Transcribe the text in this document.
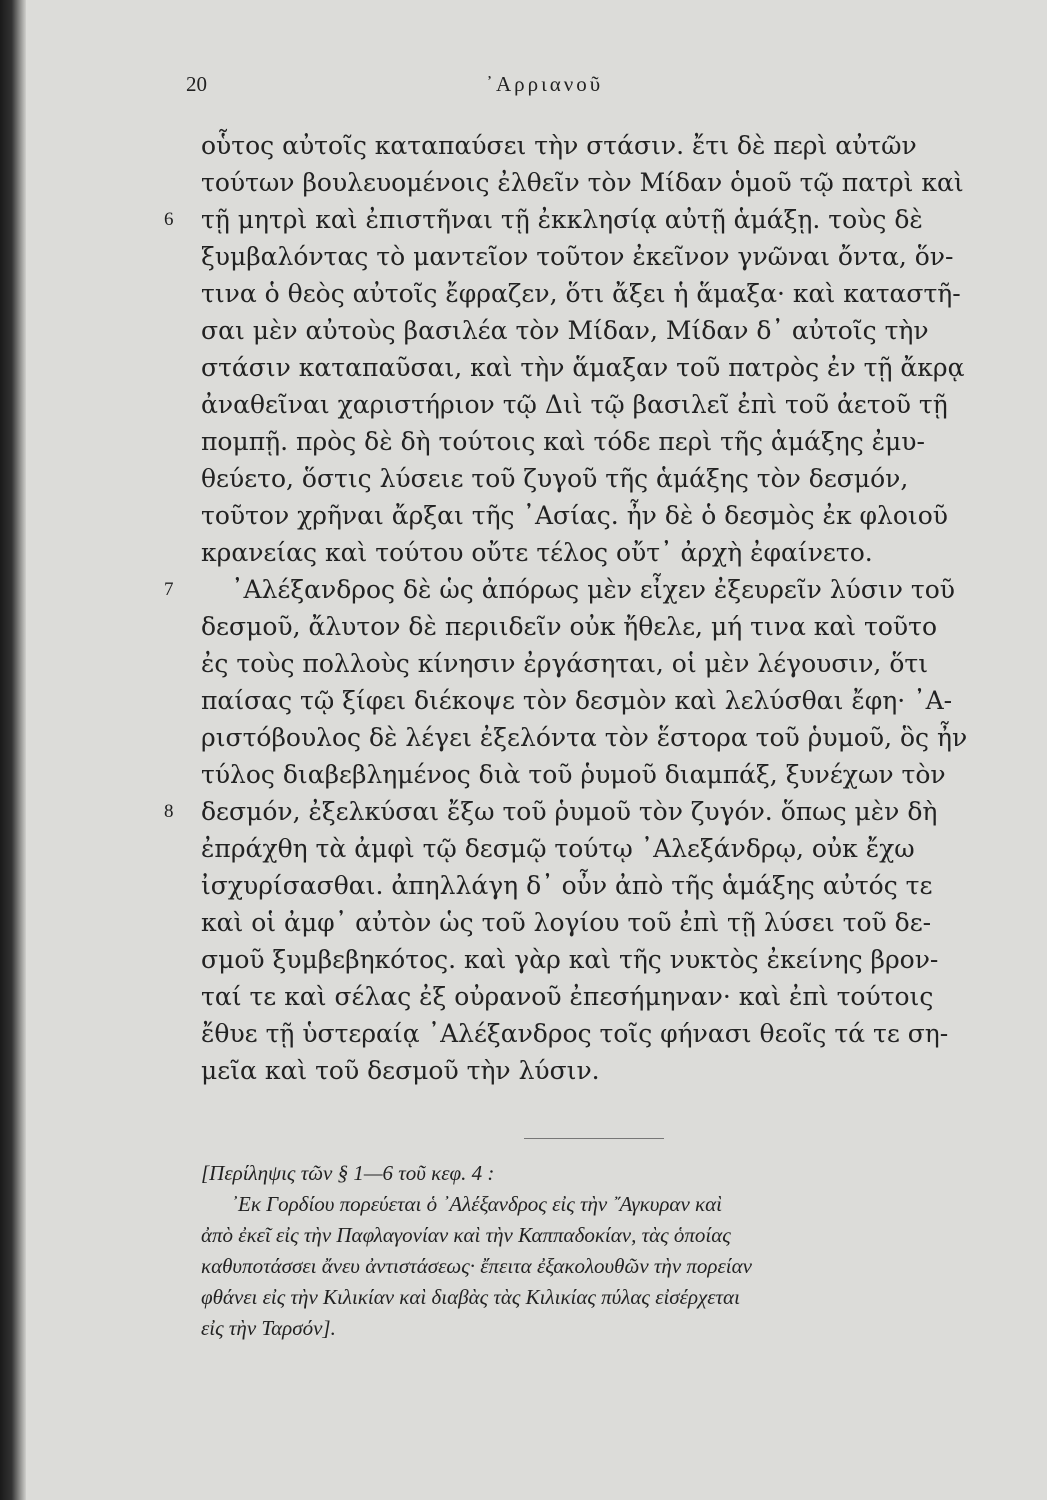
20	᾿Αρριανοῦ
οὗτος αὐτοῖς καταπαύσει τὴν στάσιν. ἔτι δὲ περὶ αὐτῶν
τούτων βουλευομένοις ἐλθεῖν τὸν Μίδαν ὁμοῦ τῷ πατρὶ καὶ
6 τῇ μητρὶ καὶ ἐπιστῆναι τῇ ἐκκλησίᾳ αὐτῇ ἁμάξῃ. τοὺς δὲ
ξυμβαλόντας τὸ μαντεῖον τοῦτον ἐκεῖνον γνῶναι ὄντα, ὅν-
τινα ὁ θεὸς αὐτοῖς ἔφραζεν, ὅτι ἄξει ἡ ἅμαξα· καὶ καταστῆ-
σαι μὲν αὐτοὺς βασιλέα τὸν Μίδαν, Μίδαν δ᾿ αὐτοῖς τὴν
στάσιν καταπαῦσαι, καὶ τὴν ἅμαξαν τοῦ πατρὸς ἐν τῇ ἄκρᾳ
ἀναθεῖναι χαριστήριον τῷ Διὶ τῷ βασιλεῖ ἐπὶ τοῦ ἀετοῦ τῇ
πομπῇ. πρὸς δὲ δὴ τούτοις καὶ τόδε περὶ τῆς ἁμάξης ἐμυ-
θεύετο, ὅστις λύσειε τοῦ ζυγοῦ τῆς ἁμάξης τὸν δεσμόν,
τοῦτον χρῆναι ἄρξαι τῆς ᾿Ασίας. ἦν δὲ ὁ δεσμὸς ἐκ φλοιοῦ
κρανείας καὶ τούτου οὔτε τέλος οὔτ᾿ ἀρχὴ ἐφαίνετο.
7 ᾿Αλέξανδρος δὲ ὡς ἀπόρως μὲν εἶχεν ἐξευρεῖν λύσιν τοῦ
δεσμοῦ, ἄλυτον δὲ περιιδεῖν οὐκ ἤθελε, μή τινα καὶ τοῦτο
ἐς τοὺς πολλοὺς κίνησιν ἐργάσηται, οἱ μὲν λέγουσιν, ὅτι
παίσας τῷ ξίφει διέκοψε τὸν δεσμὸν καὶ λελύσθαι ἔφη· ᾿Α-
ριστόβουλος δὲ λέγει ἐξελόντα τὸν ἕστορα τοῦ ῥυμοῦ, ὃς ἦν
τύλος διαβεβλημένος διὰ τοῦ ῥυμοῦ διαμπάξ, ξυνέχων τὸν
8 δεσμόν, ἐξελκύσαι ἔξω τοῦ ῥυμοῦ τὸν ζυγόν. ὅπως μὲν δὴ
ἐπράχθη τὰ ἀμφὶ τῷ δεσμῷ τούτῳ ᾿Αλεξάνδρῳ, οὐκ ἔχω
ἰσχυρίσασθαι. ἀπηλλάγη δ᾿ οὖν ἀπὸ τῆς ἁμάξης αὐτός τε
καὶ οἱ ἀμφ᾿ αὐτὸν ὡς τοῦ λογίου τοῦ ἐπὶ τῇ λύσει τοῦ δε-
σμοῦ ξυμβεβηκότος. καὶ γὰρ καὶ τῆς νυκτὸς ἐκείνης βρον-
ταί τε καὶ σέλας ἐξ οὐρανοῦ ἐπεσήμηναν· καὶ ἐπὶ τούτοις
ἔθυε τῇ ὑστεραίᾳ ᾿Αλέξανδρος τοῖς φήνασι θεοῖς τά τε ση-
μεῖα καὶ τοῦ δεσμοῦ τὴν λύσιν.
[Περίληψις τῶν § 1—6 τοῦ κεφ. 4 :
᾿Εκ Γορδίου πορεύεται ὁ ᾿Αλέξανδρος εἰς τὴν ῎Αγκυραν καὶ
ἀπὸ ἐκεῖ εἰς τὴν Παφλαγονίαν καὶ τὴν Καππαδοκίαν, τὰς ὁποίας
καθυποτάσσει ἄνευ ἀντιστάσεως· ἔπειτα ἐξακολουθῶν τὴν πορείαν
φθάνει εἰς τὴν Κιλικίαν καὶ διαβὰς τὰς Κιλικίας πύλας εἰσέρχεται
εἰς τὴν Ταρσόν].
